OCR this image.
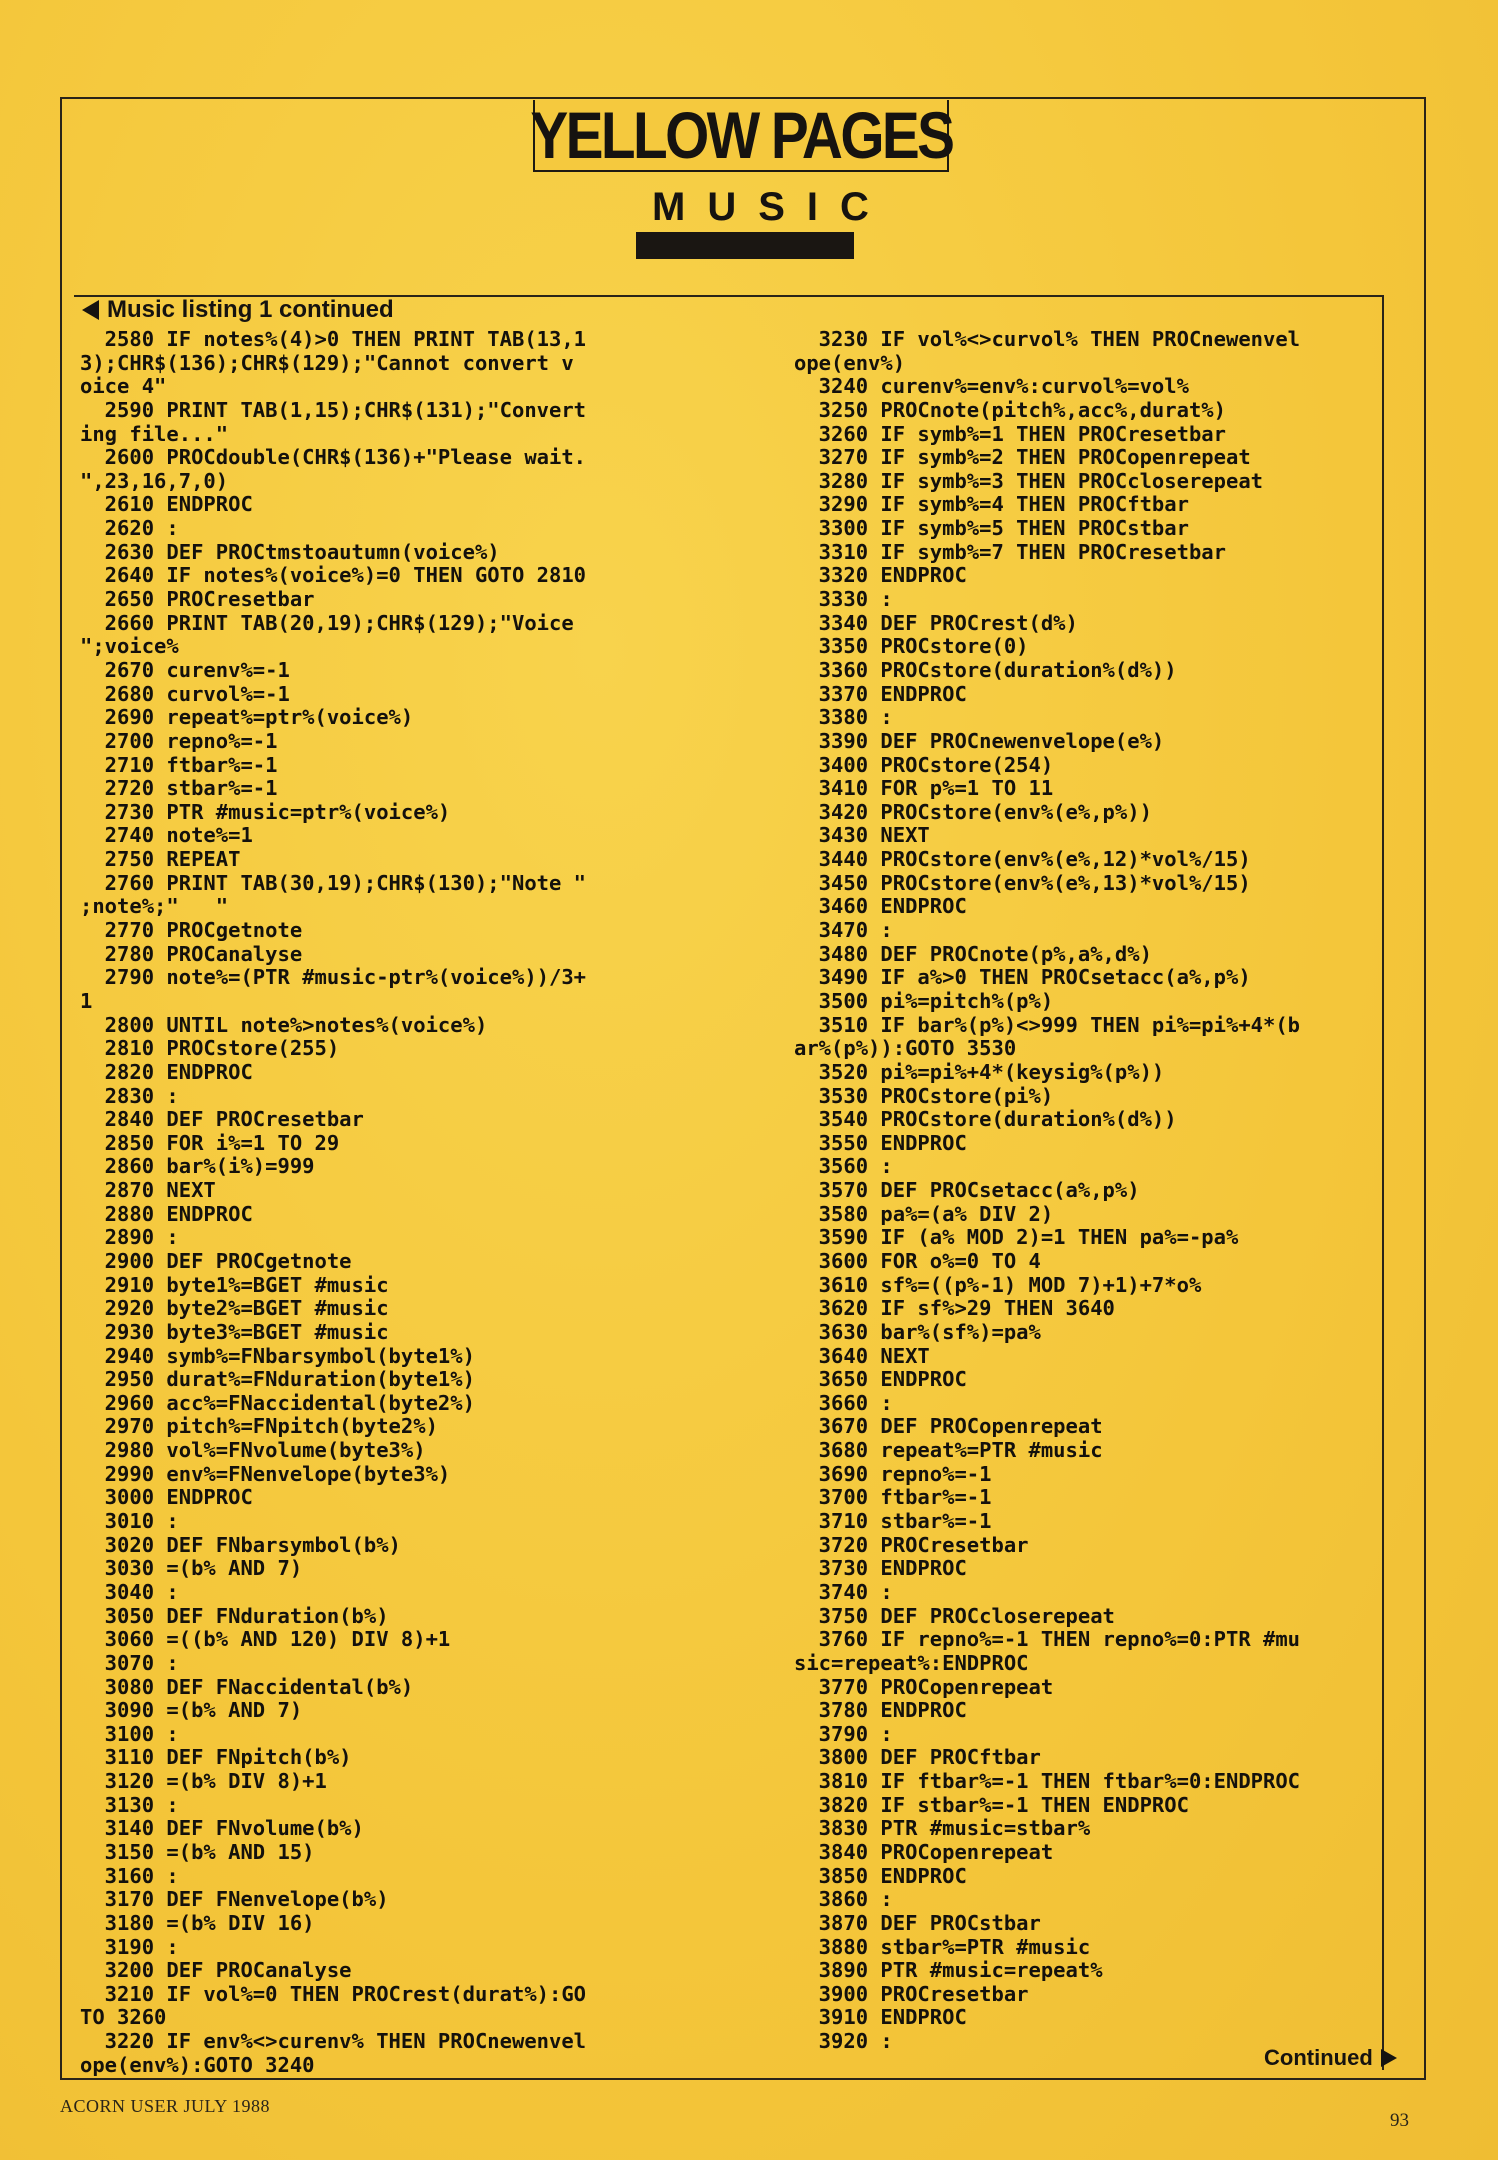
YELLOW PAGES
MUSIC
Music listing 1 continued
2580 IF notes%(4)>0 THEN PRINT TAB(13,1
3);CHR$(136);CHR$(129);"Cannot convert v
oice 4"
2590 PRINT TAB(1,15);CHR$(131);"Convert
ing file..."
2600 PROCdouble(CHR$(136)+"Please wait.
",23,16,7,0)
2610 ENDPROC
2620 :
2630 DEF PROCtmstoautumn(voice%)
2640 IF notes%(voice%)=0 THEN GOTO 2810
2650 PROCresetbar
2660 PRINT TAB(20,19);CHR$(129);"Voice
";voice%
2670 curenv%=-1
2680 curvol%=-1
2690 repeat%=ptr%(voice%)
2700 repno%=-1
2710 ftbar%=-1
2720 stbar%=-1
2730 PTR #music=ptr%(voice%)
2740 note%=1
2750 REPEAT
2760 PRINT TAB(30,19);CHR$(130);"Note "
;note%;"   "
2770 PROCgetnote
2780 PROCanalyse
2790 note%=(PTR #music-ptr%(voice%))/3+
1
2800 UNTIL note%>notes%(voice%)
2810 PROCstore(255)
2820 ENDPROC
2830 :
2840 DEF PROCresetbar
2850 FOR i%=1 TO 29
2860 bar%(i%)=999
2870 NEXT
2880 ENDPROC
2890 :
2900 DEF PROCgetnote
2910 byte1%=BGET #music
2920 byte2%=BGET #music
2930 byte3%=BGET #music
2940 symb%=FNbarsymbol(byte1%)
2950 durat%=FNduration(byte1%)
2960 acc%=FNaccidental(byte2%)
2970 pitch%=FNpitch(byte2%)
2980 vol%=FNvolume(byte3%)
2990 env%=FNenvelope(byte3%)
3000 ENDPROC
3010 :
3020 DEF FNbarsymbol(b%)
3030 =(b% AND 7)
3040 :
3050 DEF FNduration(b%)
3060 =((b% AND 120) DIV 8)+1
3070 :
3080 DEF FNaccidental(b%)
3090 =(b% AND 7)
3100 :
3110 DEF FNpitch(b%)
3120 =(b% DIV 8)+1
3130 :
3140 DEF FNvolume(b%)
3150 =(b% AND 15)
3160 :
3170 DEF FNenvelope(b%)
3180 =(b% DIV 16)
3190 :
3200 DEF PROCanalyse
3210 IF vol%=0 THEN PROCrest(durat%):GO
TO 3260
3220 IF env%<>curenv% THEN PROCnewenvel
ope(env%):GOTO 3240
3230 IF vol%<>curvol% THEN PROCnewenvel
ope(env%)
3240 curenv%=env%:curvol%=vol%
3250 PROCnote(pitch%,acc%,durat%)
3260 IF symb%=1 THEN PROCresetbar
3270 IF symb%=2 THEN PROCopenrepeat
3280 IF symb%=3 THEN PROCcloserepeat
3290 IF symb%=4 THEN PROCftbar
3300 IF symb%=5 THEN PROCstbar
3310 IF symb%=7 THEN PROCresetbar
3320 ENDPROC
3330 :
3340 DEF PROCrest(d%)
3350 PROCstore(0)
3360 PROCstore(duration%(d%))
3370 ENDPROC
3380 :
3390 DEF PROCnewenvelope(e%)
3400 PROCstore(254)
3410 FOR p%=1 TO 11
3420 PROCstore(env%(e%,p%))
3430 NEXT
3440 PROCstore(env%(e%,12)*vol%/15)
3450 PROCstore(env%(e%,13)*vol%/15)
3460 ENDPROC
3470 :
3480 DEF PROCnote(p%,a%,d%)
3490 IF a%>0 THEN PROCsetacc(a%,p%)
3500 pi%=pitch%(p%)
3510 IF bar%(p%)<>999 THEN pi%=pi%+4*(b
ar%(p%)):GOTO 3530
3520 pi%=pi%+4*(keysig%(p%))
3530 PROCstore(pi%)
3540 PROCstore(duration%(d%))
3550 ENDPROC
3560 :
3570 DEF PROCsetacc(a%,p%)
3580 pa%=(a% DIV 2)
3590 IF (a% MOD 2)=1 THEN pa%=-pa%
3600 FOR o%=0 TO 4
3610 sf%=((p%-1) MOD 7)+1)+7*o%
3620 IF sf%>29 THEN 3640
3630 bar%(sf%)=pa%
3640 NEXT
3650 ENDPROC
3660 :
3670 DEF PROCopenrepeat
3680 repeat%=PTR #music
3690 repno%=-1
3700 ftbar%=-1
3710 stbar%=-1
3720 PROCresetbar
3730 ENDPROC
3740 :
3750 DEF PROCcloserepeat
3760 IF repno%=-1 THEN repno%=0:PTR #mu
sic=repeat%:ENDPROC
3770 PROCopenrepeat
3780 ENDPROC
3790 :
3800 DEF PROCftbar
3810 IF ftbar%=-1 THEN ftbar%=0:ENDPROC
3820 IF stbar%=-1 THEN ENDPROC
3830 PTR #music=stbar%
3840 PROCopenrepeat
3850 ENDPROC
3860 :
3870 DEF PROCstbar
3880 stbar%=PTR #music
3890 PTR #music=repeat%
3900 PROCresetbar
3910 ENDPROC
3920 :
Continued
ACORN USER JULY 1988
93
